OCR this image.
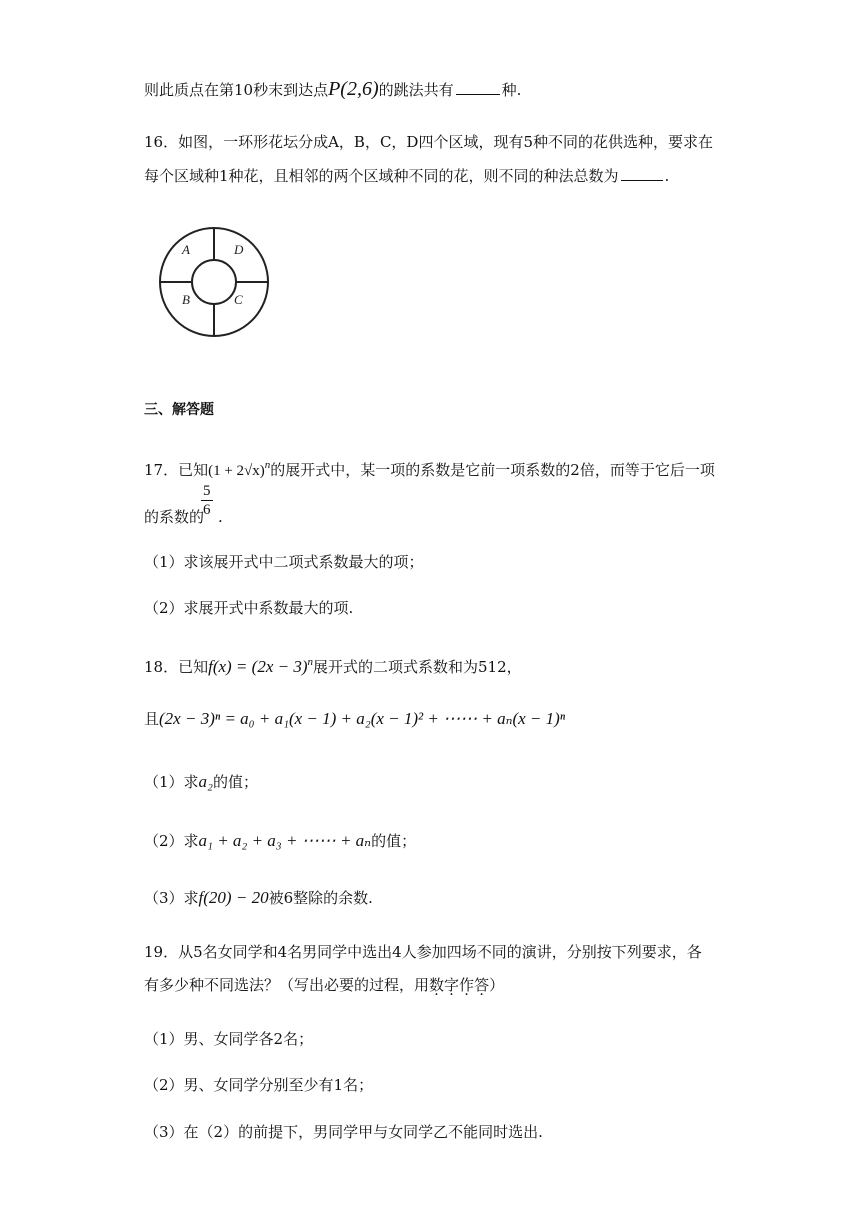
则此质点在第10秒末到达点P(2,6)的跳法共有	种.
16．如图，一环形花坛分成A，B，C，D四个区域，现有5种不同的花供选种，要求在
每个区域种1种花，且相邻的两个区域种不同的花，则不同的种法总数为	.
A	D
B	C
三、解答题
17．已知$(1 + 2√x)^n$的展开式中，某一项的系数是它前一项系数的2倍，而等于它后一项
的系数的 .
$\frac{5}{6}$
（1）求该展开式中二项式系数最大的项；
（2）求展开式中系数最大的项.
18．已知$f(x) = (2x - 3)^n$展开式的二项式系数和为512，
且(2x − 3)ⁿ = a₀ + a₁(x − 1) + a₂(x − 1)² + ⋯⋯ + aₙ(x − 1)ⁿ
（1）求a₂的值；
（2）求a₁ + a₂ + a₃ + ⋯⋯ + aₙ的值；
（3）求f(20) − 20被6整除的余数.
19．从5名女同学和4名男同学中选出4人参加四场不同的演讲，分别按下列要求，各
有多少种不同选法？（写出必要的过程，用数字作答）
（1）男、女同学各2名；
（2）男、女同学分别至少有1名；
（3）在（2）的前提下，男同学甲与女同学乙不能同时选出.
